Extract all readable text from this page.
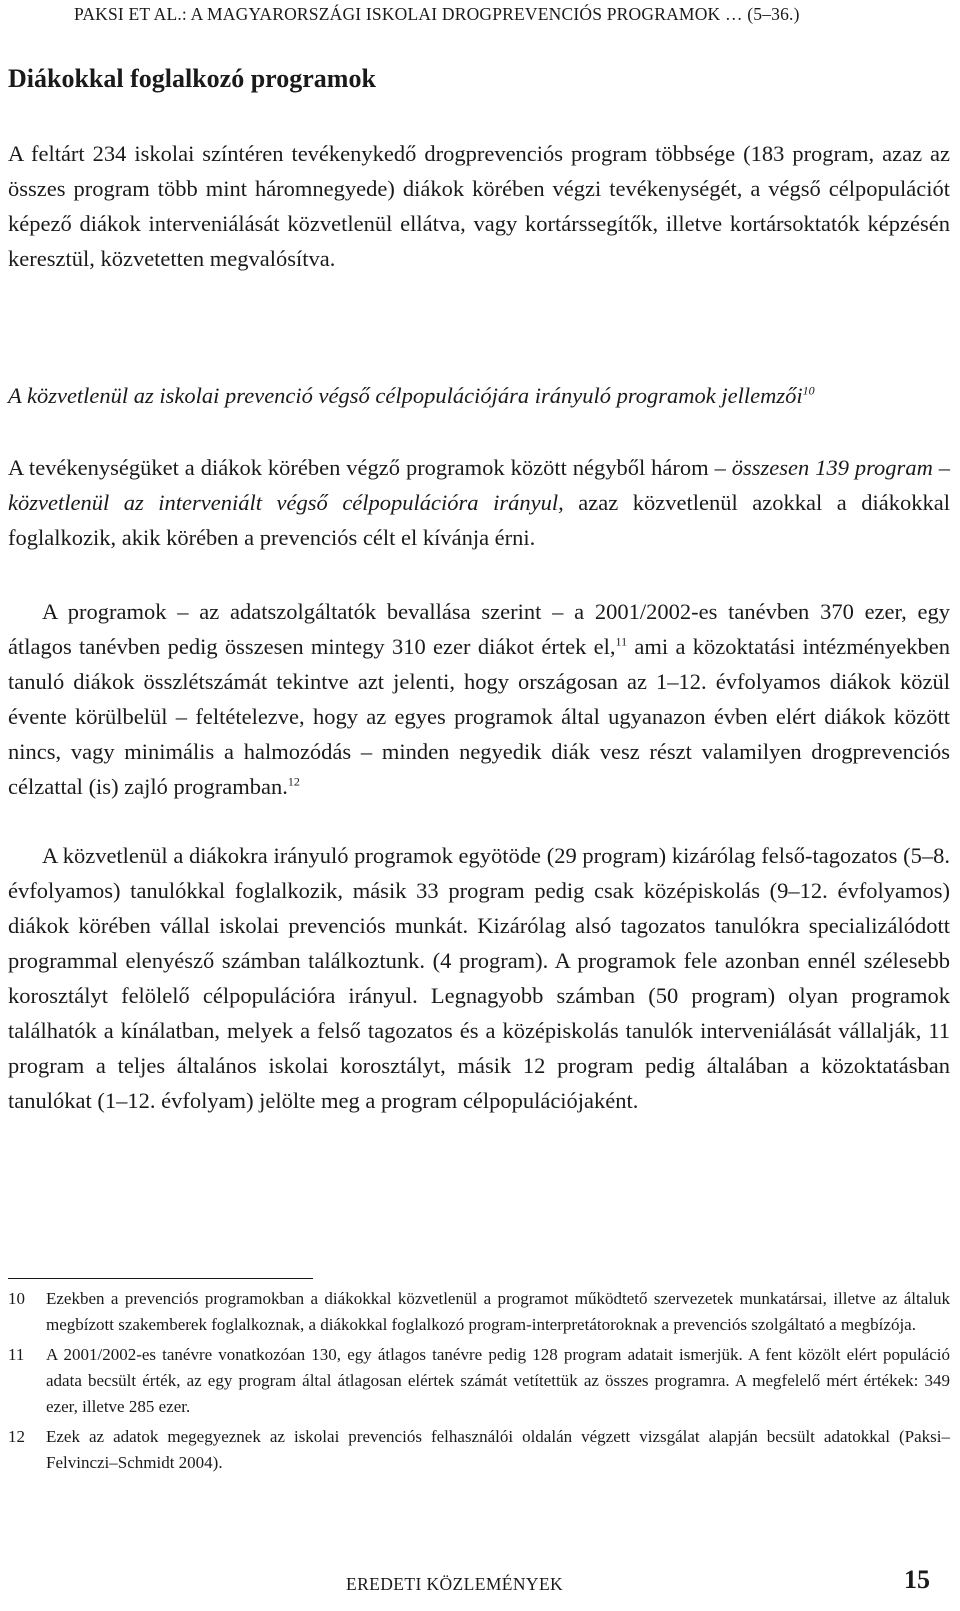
PAKSI ET AL.: A MAGYARORSZÁGI ISKOLAI DROGPREVENCIÓS PROGRAMOK … (5–36.)
Diákokkal foglalkozó programok
A feltárt 234 iskolai színtéren tevékenykedő drogprevenciós program többsége (183 program, azaz az összes program több mint háromnegyede) diákok körében végzi tevékenységét, a végső célpopulációt képező diákok interveniálását közvetlenül ellátva, vagy kortárssegítők, illetve kortársoktatók képzésén keresztül, közvetetten megvalósítva.
A közvetlenül az iskolai prevenció végső célpopulációjára irányuló programok jellemzői$^{10}$
A tevékenységüket a diákok körében végző programok között négyből három – összesen 139 program – közvetlenül az interveniált végső célpopulációra irányul, azaz közvetlenül azokkal a diákokkal foglalkozik, akik körében a prevenciós célt el kívánja érni.
A programok – az adatszolgáltatók bevallása szerint – a 2001/2002-es tanévben 370 ezer, egy átlagos tanévben pedig összesen mintegy 310 ezer diákot értek el,$^{11}$ ami a közoktatási intézményekben tanuló diákok összlétszámát tekintve azt jelenti, hogy országosan az 1–12. évfolyamos diákok közül évente körülbelül – feltételezve, hogy az egyes programok által ugyanazon évben elért diákok között nincs, vagy minimális a halmozódás – minden negyedik diák vesz részt valamilyen drogprevenciós célzattal (is) zajló programban.$^{12}$
A közvetlenül a diákokra irányuló programok egyötöde (29 program) kizárólag felső-tagozatos (5–8. évfolyamos) tanulókkal foglalkozik, másik 33 program pedig csak középiskolás (9–12. évfolyamos) diákok körében vállal iskolai prevenciós munkát. Kizárólag alsó tagozatos tanulókra specializálódott programmal elenyésző számban találkoztunk. (4 program). A programok fele azonban ennél szélesebb korosztályt felölelő célpopulációra irányul. Legnagyobb számban (50 program) olyan programok találhatók a kínálatban, melyek a felső tagozatos és a középiskolás tanulók interveniálását vállalják, 11 program a teljes általános iskolai korosztályt, másik 12 program pedig általában a közoktatásban tanulókat (1–12. évfolyam) jelölte meg a program célpopulációjaként.
10 Ezekben a prevenciós programokban a diákokkal közvetlenül a programot működtető szervezetek munkatársai, illetve az általuk megbízott szakemberek foglalkoznak, a diákokkal foglalkozó program-interpretátoroknak a prevenciós szolgáltató a megbízója.
11 A 2001/2002-es tanévre vonatkozóan 130, egy átlagos tanévre pedig 128 program adatait ismerjük. A fent közölt elért populáció adata becsült érték, az egy program által átlagosan elértek számát vetítettük az összes programra. A megfelelő mért értékek: 349 ezer, illetve 285 ezer.
12 Ezek az adatok megegyeznek az iskolai prevenciós felhasználói oldalán végzett vizsgálat alapján becsült adatokkal (Paksi–Felvinczi–Schmidt 2004).
EREDETI KÖZLEMÉNYEK	15
